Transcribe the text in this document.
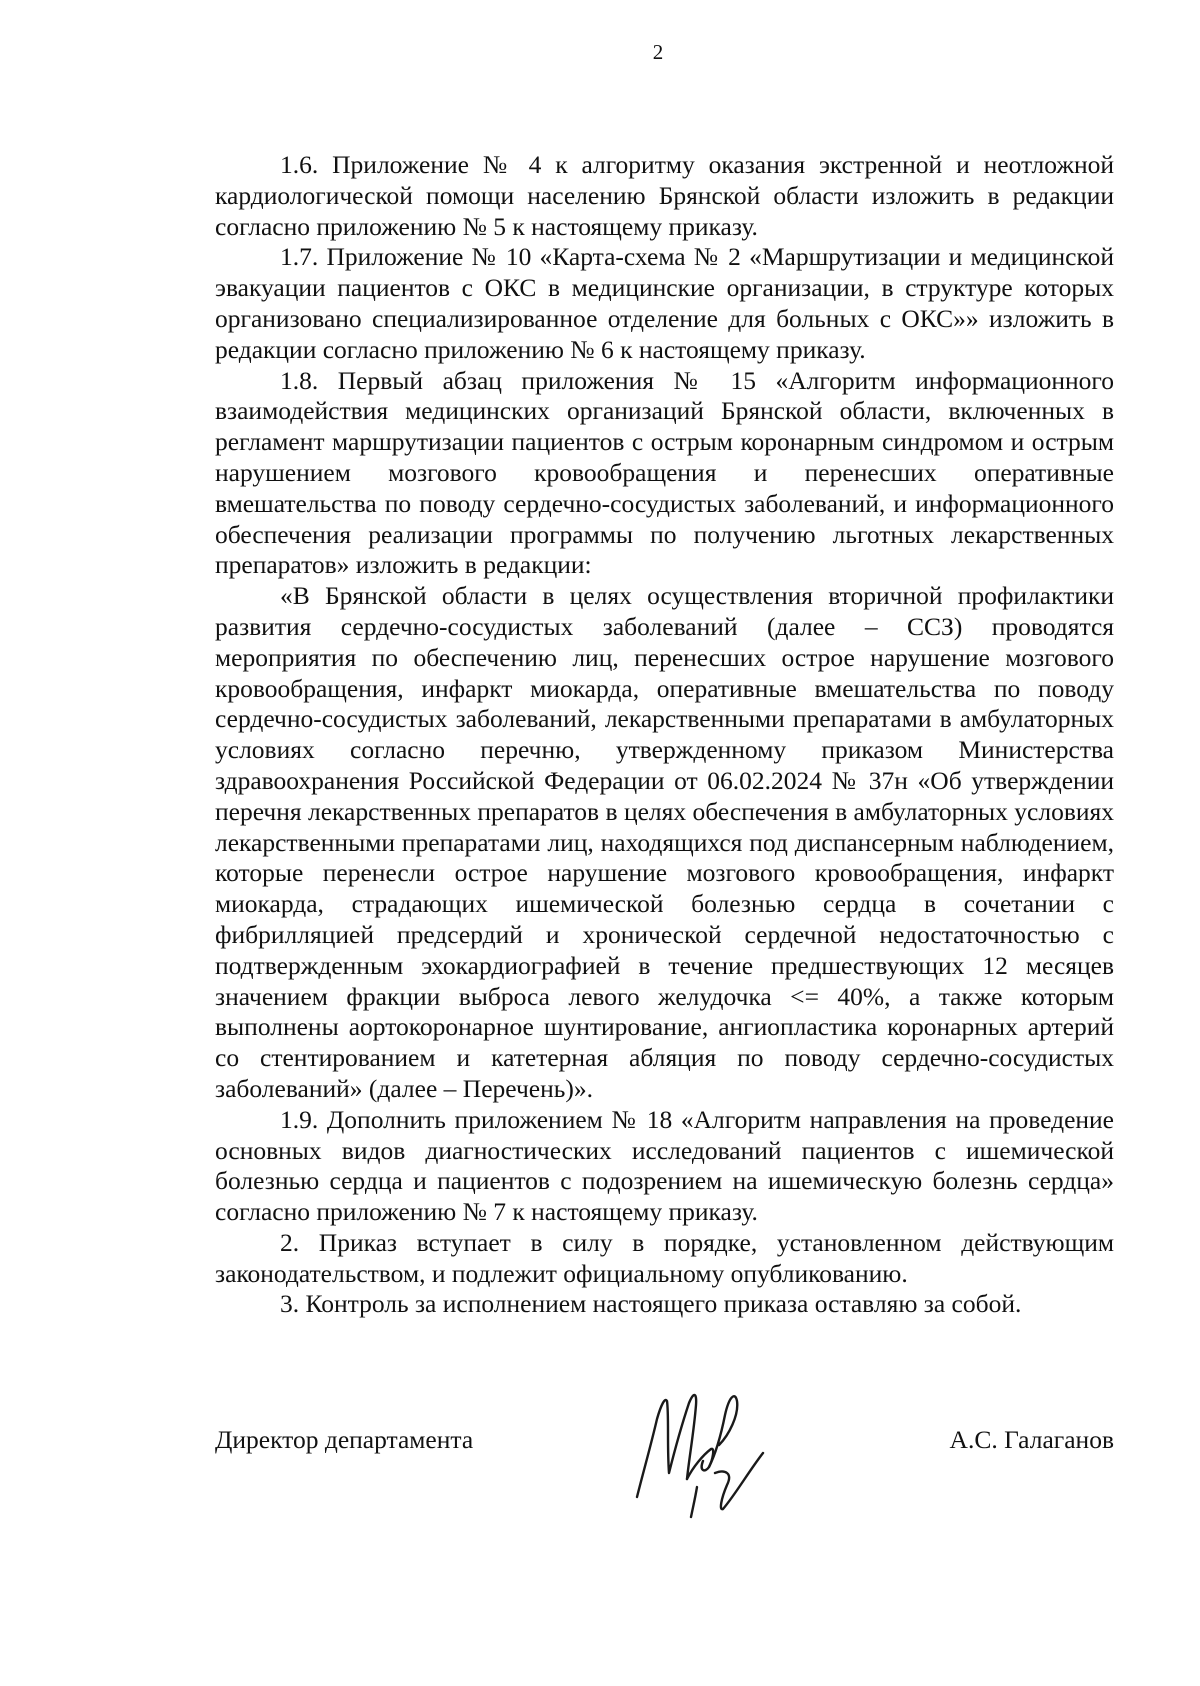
2

1.6. Приложение № 4 к алгоритму оказания экстренной и неотложной кардиологической помощи населению Брянской области изложить в редакции согласно приложению № 5 к настоящему приказу.

1.7. Приложение № 10 «Карта-схема № 2 «Маршрутизации и медицинской эвакуации пациентов с ОКС в медицинские организации, в структуре которых организовано специализированное отделение для больных с ОКС»» изложить в редакции согласно приложению № 6 к настоящему приказу.

1.8. Первый абзац приложения № 15 «Алгоритм информационного взаимодействия медицинских организаций Брянской области, включенных в регламент маршрутизации пациентов с острым коронарным синдромом и острым нарушением мозгового кровообращения и перенесших оперативные вмешательства по поводу сердечно-сосудистых заболеваний, и информационного обеспечения реализации программы по получению льготных лекарственных препаратов» изложить в редакции:

«В Брянской области в целях осуществления вторичной профилактики развития сердечно-сосудистых заболеваний (далее – ССЗ) проводятся мероприятия по обеспечению лиц, перенесших острое нарушение мозгового кровообращения, инфаркт миокарда, оперативные вмешательства по поводу сердечно-сосудистых заболеваний, лекарственными препаратами в амбулаторных условиях согласно перечню, утвержденному приказом Министерства здравоохранения Российской Федерации от 06.02.2024 № 37н «Об утверждении перечня лекарственных препаратов в целях обеспечения в амбулаторных условиях лекарственными препаратами лиц, находящихся под диспансерным наблюдением, которые перенесли острое нарушение мозгового кровообращения, инфаркт миокарда, страдающих ишемической болезнью сердца в сочетании с фибрилляцией предсердий и хронической сердечной недостаточностью с подтвержденным эхокардиографией в течение предшествующих 12 месяцев значением фракции выброса левого желудочка <= 40%, а также которым выполнены аортокоронарное шунтирование, ангиопластика коронарных артерий со стентированием и катетерная абляция по поводу сердечно-сосудистых заболеваний» (далее – Перечень)».

1.9. Дополнить приложением № 18 «Алгоритм направления на проведение основных видов диагностических исследований пациентов с ишемической болезнью сердца и пациентов с подозрением на ишемическую болезнь сердца» согласно приложению № 7 к настоящему приказу.

2. Приказ вступает в силу в порядке, установленном действующим законодательством, и подлежит официальному опубликованию.

3. Контроль за исполнением настоящего приказа оставляю за собой.

Директор департамента	А.С. Галаганов
